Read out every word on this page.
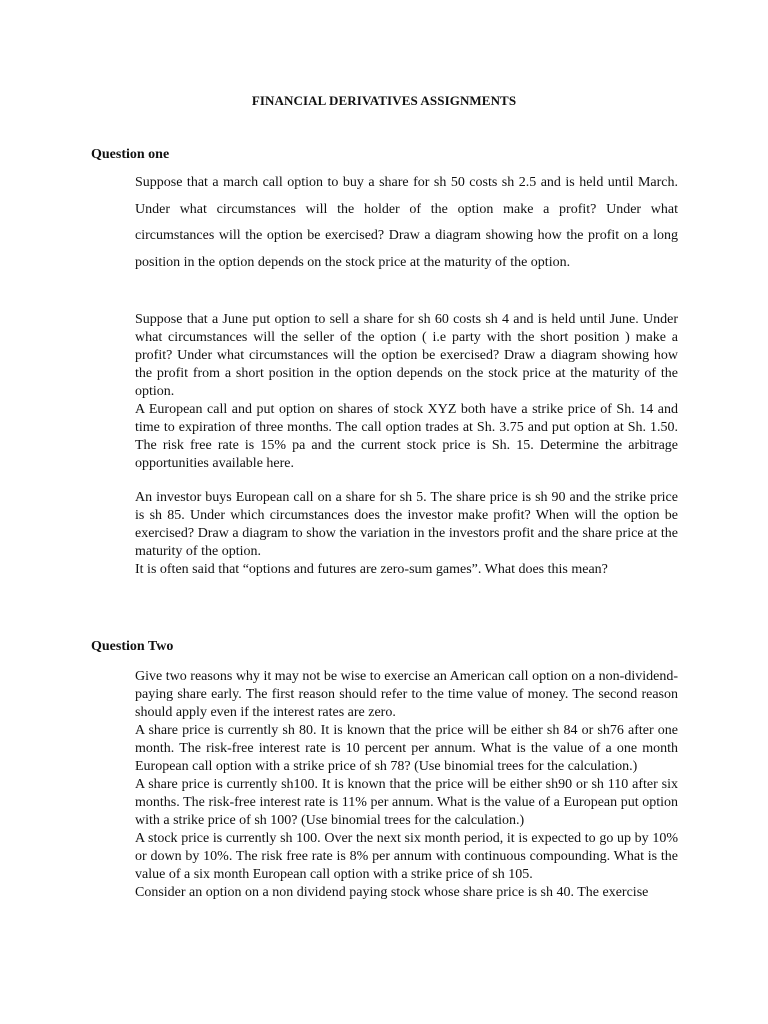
FINANCIAL DERIVATIVES ASSIGNMENTS
Question one

Suppose that a march call option to buy a share for sh 50 costs sh 2.5 and is held until March. Under what circumstances will the holder of the option make a profit? Under what circumstances will the option be exercised? Draw a diagram showing how the profit on a long position in the option depends on the stock price at the maturity of the option.

Suppose that a June put option to sell a share for sh 60 costs sh 4 and is held until June. Under what circumstances will the seller of the option ( i.e party with the short position ) make a profit? Under what circumstances will the option be exercised? Draw a diagram showing how the profit from a short position in the option depends on the stock price at the maturity of the option.

A European call and put option on shares of stock XYZ both have a strike price of Sh. 14 and time to expiration of three months. The call option trades at Sh. 3.75 and put option at Sh. 1.50. The risk free rate is 15% pa and the current stock price is Sh. 15. Determine the arbitrage opportunities available here.

An investor buys European call on a share for sh 5. The share price is sh 90 and the strike price is sh 85. Under which circumstances does the investor make profit? When will the option be exercised? Draw a diagram to show the variation in the investors profit and the share price at the maturity of the option.

It is often said that “options and futures are zero-sum games”. What does this mean?

Question Two

Give two reasons why it may not be wise to exercise an American call option on a non-dividend-paying share early. The first reason should refer to the time value of money. The second reason should apply even if the interest rates are zero.

A share price is currently sh 80. It is known that the price will be either sh 84 or sh76 after one month. The risk-free interest rate is 10 percent per annum. What is the value of a one month European call option with a strike price of sh 78? (Use binomial trees for the calculation.)

A share price is currently sh100. It is known that the price will be either sh90 or sh 110 after six months. The risk-free interest rate is 11% per annum. What is the value of a European put option with a strike price of sh 100? (Use binomial trees for the calculation.)

A stock price is currently sh 100. Over the next six month period, it is expected to go up by 10% or down by 10%. The risk free rate is 8% per annum with continuous compounding. What is the value of a six month European call option with a strike price of sh 105.

Consider an option on a non dividend paying stock whose share price is sh 40. The exercise
